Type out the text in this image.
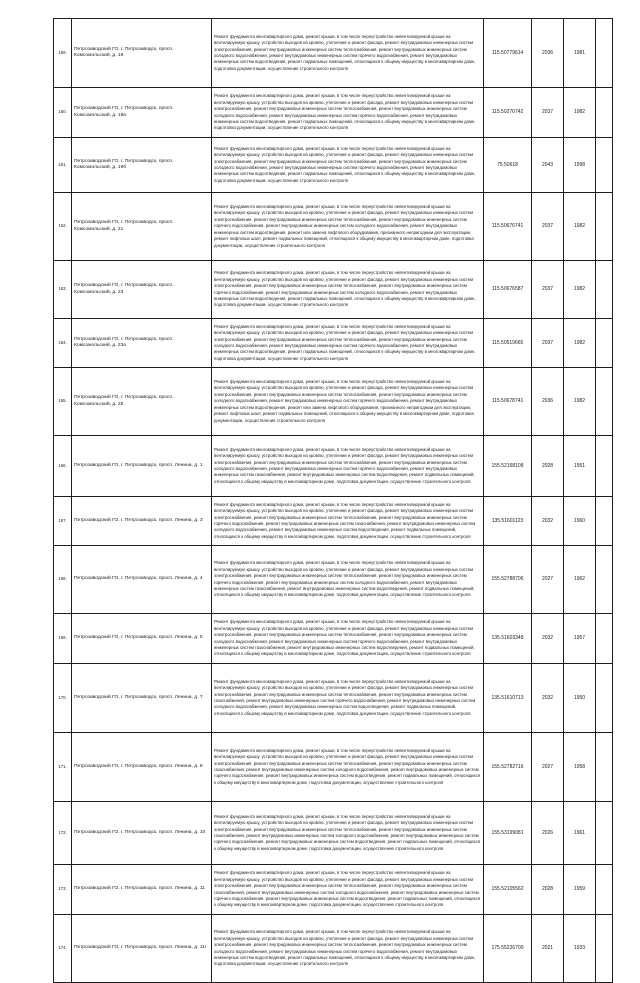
159.	Петрозаводский ГО, г. Петрозаводск, просп. Комсомольский, д. 19	Ремонт фундамента многоквартирного дома, ремонт крыши, в том числе переустройство невентилируемой крыши на вентилируемую крышу, устройство выходов на кровлю, утепление и ремонт фасада, ремонт внутридомовых инженерных систем электроснабжения, ремонт внутридомовых инженерных систем теплоснабжения, ремонт внутридомовых инженерных систем холодного водоснабжения, ремонт внутридомовых инженерных систем горячего водоснабжения, ремонт внутридомовых инженерных систем водоотведения, ремонт подвальных помещений, относящихся к общему имуществу в многоквартирном доме, подготовка документации, осуществление строительного контроля	115.50779614	2036	1981	
160.	Петрозаводский ГО, г. Петрозаводск, просп. Комсомольский, д. 19а	Ремонт фундамента многоквартирного дома, ремонт крыши, в том числе переустройство невентилируемой крыши на вентилируемую крышу, устройство выходов на кровлю, утепление и ремонт фасада, ремонт внутридомовых инженерных систем электроснабжения, ремонт внутридомовых инженерных систем теплоснабжения, ремонт внутридомовых инженерных систем холодного водоснабжения, ремонт внутридомовых инженерных систем горячего водоснабжения, ремонт внутридомовых инженерных систем водоотведения, ремонт подвальных помещений, относящихся к общему имуществу в многоквартирном доме, подготовка документации, осуществление строительного контроля	115.50270742	2037	1982	
161.	Петрозаводский ГО, г. Петрозаводск, просп. Комсомольский, д. 19б	Ремонт фундамента многоквартирного дома, ремонт крыши, в том числе переустройство невентилируемой крыши на вентилируемую крышу, устройство выходов на кровлю, утепление и ремонт фасада, ремонт внутридомовых инженерных систем электроснабжения, ремонт внутридомовых инженерных систем теплоснабжения, ремонт внутридомовых инженерных систем холодного водоснабжения, ремонт внутридомовых инженерных систем горячего водоснабжения, ремонт внутридомовых инженерных систем водоотведения, ремонт подвальных помещений, относящихся к общему имуществу в многоквартирном доме, подготовка документации, осуществление строительного контроля	75.50618	2043	1998	
162.	Петрозаводский ГО, г. Петрозаводск, просп. Комсомольский, д. 21	Ремонт фундамента многоквартирного дома, ремонт крыши, в том числе переустройство невентилируемой крыши на вентилируемую крышу, устройство выходов на кровлю, утепление и ремонт фасада, ремонт внутридомовых инженерных систем электроснабжения, ремонт внутридомовых инженерных систем теплоснабжения, ремонт внутридомовых инженерных систем горячего водоснабжения, ремонт внутридомовых инженерных систем холодного водоснабжения, ремонт внутридомовых инженерных систем водоотведения, ремонт или замена лифтового оборудования, признанного непригодным для эксплуатации, ремонт лифтовых шахт, ремонт подвальных помещений, относящихся к общему имуществу в многоквартирном доме, подготовка документации, осуществление строительного контроля	115.50676741	2037	1982	
163.	Петрозаводский ГО, г. Петрозаводск, просп. Комсомольский, д. 23	Ремонт фундамента многоквартирного дома, ремонт крыши, в том числе переустройство невентилируемой крыши на вентилируемую крышу, устройство выходов на кровлю, утепление и ремонт фасада, ремонт внутридомовых инженерных систем электроснабжения, ремонт внутридомовых инженерных систем теплоснабжения, ремонт внутридомовых инженерных систем горячего водоснабжения, ремонт внутридомовых инженерных систем холодного водоснабжения, ремонт внутридомовых инженерных систем водоотведения, ремонт подвальных помещений, относящихся к общему имуществу в многоквартирном доме, подготовка документации, осуществление строительного контроля	115.50676587	2037	1982	
164.	Петрозаводский ГО, г. Петрозаводск, просп. Комсомольский, д. 23а	Ремонт фундамента многоквартирного дома, ремонт крыши, в том числе переустройство невентилируемой крыши на вентилируемую крышу, устройство выходов на кровлю, утепление и ремонт фасада, ремонт внутридомовых инженерных систем электроснабжения, ремонт внутридомовых инженерных систем теплоснабжения, ремонт внутридомовых инженерных систем холодного водоснабжения, ремонт внутридомовых инженерных систем горячего водоснабжения, ремонт внутридомовых инженерных систем водоотведения, ремонт подвальных помещений, относящихся к общему имуществу в многоквартирном доме, подготовка документации, осуществление строительного контроля	115.50519665	2037	1982	
165.	Петрозаводский ГО, г. Петрозаводск, просп. Комсомольский, д. 25	Ремонт фундамента многоквартирного дома, ремонт крыши, в том числе переустройство невентилируемой крыши на вентилируемую крышу, устройство выходов на кровлю, утепление и ремонт фасада, ремонт внутридомовых инженерных систем электроснабжения, ремонт внутридомовых инженерных систем теплоснабжения, ремонт внутридомовых инженерных систем холодного водоснабжения, ремонт внутридомовых инженерных систем горячего водоснабжения, ремонт внутридомовых инженерных систем водоотведения, ремонт или замена лифтового оборудования, признанного непригодным для эксплуатации, ремонт лифтовых шахт, ремонт подвальных помещений, относящихся к общему имуществу в многоквартирном доме, подготовка документации, осуществление строительного контроля	115.50678741	2036	1982	
166.	Петрозаводский ГО, г. Петрозаводск, просп. Ленина, д. 1	Ремонт фундамента многоквартирного дома, ремонт крыши, в том числе переустройство невентилируемой крыши на вентилируемую крышу, устройство выходов на кровлю, утепление и ремонт фасада, ремонт внутридомовых инженерных систем электроснабжения, ремонт внутридомовых инженерных систем теплоснабжения, ремонт внутридомовых инженерных систем холодного водоснабжения, ремонт внутридомовых инженерных систем горячего водоснабжения, ремонт внутридомовых инженерных систем газоснабжения, ремонт внутридомовых инженерных систем водоотведения, ремонт подвальных помещений, относящихся к общему имуществу в многоквартирном доме, подготовка документации, осуществление строительного контроля	155.52168108	2028	1951	
167.	Петрозаводский ГО, г. Петрозаводск, просп. Ленина, д. 3	Ремонт фундамента многоквартирного дома, ремонт крыши, в том числе переустройство невентилируемой крыши на вентилируемую крышу, устройство выходов на кровлю, утепление и ремонт фасада, ремонт внутридомовых инженерных систем электроснабжения, ремонт внутридомовых инженерных систем теплоснабжения, ремонт внутридомовых инженерных систем горячего водоснабжения, ремонт внутридомовых инженерных систем газоснабжения, ремонт внутридомовых инженерных систем холодного водоснабжения, ремонт внутридомовых инженерных систем водоотведения, ремонт подвальных помещений, относящихся к общему имуществу в многоквартирном доме, подготовка документации, осуществление строительного контроля	135.51601123	2032	1960	
168.	Петрозаводский ГО, г. Петрозаводск, просп. Ленина, д. 4	Ремонт фундамента многоквартирного дома, ремонт крыши, в том числе переустройство невентилируемой крыши на вентилируемую крышу, устройство выходов на кровлю, утепление и ремонт фасада, ремонт внутридомовых инженерных систем электроснабжения, ремонт внутридомовых инженерных систем теплоснабжения, ремонт внутридомовых инженерных систем горячего водоснабжения, ремонт внутридомовых инженерных систем холодного водоснабжения, ремонт внутридомовых инженерных систем газоснабжения, ремонт внутридомовых инженерных систем водоотведения, ремонт подвальных помещений, относящихся к общему имуществу в многоквартирном доме, подготовка документации, осуществление строительного контроля	155.52788706	2027	1962	
169.	Петрозаводский ГО, г. Петрозаводск, просп. Ленина, д. 5	Ремонт фундамента многоквартирного дома, ремонт крыши, в том числе переустройство невентилируемой крыши на вентилируемую крышу, устройство выходов на кровлю, утепление и ремонт фасада, ремонт внутридомовых инженерных систем электроснабжения, ремонт внутридомовых инженерных систем теплоснабжения, ремонт внутридомовых инженерных систем холодного водоснабжения, ремонт внутридомовых инженерных систем горячего водоснабжения, ремонт внутридомовых инженерных систем газоснабжения, ремонт внутридомовых инженерных систем водоотведения, ремонт подвальных помещений, относящихся к общему имуществу в многоквартирном доме, подготовка документации, осуществление строительного контроля	135.51603348	2032	1957	
170.	Петрозаводский ГО, г. Петрозаводск, просп. Ленина, д. 7	Ремонт фундамента многоквартирного дома, ремонт крыши, в том числе переустройство невентилируемой крыши на вентилируемую крышу, устройство выходов на кровлю, утепление и ремонт фасада, ремонт внутридомовых инженерных систем электроснабжения, ремонт внутридомовых инженерных систем теплоснабжения, ремонт внутридомовых инженерных систем газоснабжения, ремонт внутридомовых инженерных систем горячего водоснабжения, ремонт внутридомовых инженерных систем холодного водоснабжения, ремонт внутридомовых инженерных систем водоотведения, ремонт подвальных помещений, относящихся к общему имуществу в многоквартирном доме, подготовка документации, осуществление строительного контроля	135.51610713	2032	1950	
171.	Петрозаводский ГО, г. Петрозаводск, просп. Ленина, д. 8	Ремонт фундамента многоквартирного дома, ремонт крыши, в том числе переустройство невентилируемой крыши на вентилируемую крышу, устройство выходов на кровлю, утепление и ремонт фасада, ремонт внутридомовых инженерных систем электроснабжения, ремонт внутридомовых инженерных систем теплоснабжения, ремонт внутридомовых инженерных систем газоснабжения, ремонт внутридомовых инженерных систем холодного водоснабжения, ремонт внутридомовых инженерных систем горячего водоснабжения, ремонт внутридомовых инженерных систем водоотведения, ремонт подвальных помещений, относящихся к общему имуществу в многоквартирном доме, подготовка документации, осуществление строительного контроля	155.52782716	2027	1958	
172.	Петрозаводский ГО, г. Петрозаводск, просп. Ленина, д. 10	Ремонт фундамента многоквартирного дома, ремонт крыши, в том числе переустройство невентилируемой крыши на вентилируемую крышу, устройство выходов на кровлю, утепление и ремонт фасада, ремонт внутридомовых инженерных систем электроснабжения, ремонт внутридомовых инженерных систем теплоснабжения, ремонт внутридомовых инженерных систем газоснабжения, ремонт внутридомовых инженерных систем холодного водоснабжения, ремонт внутридомовых инженерных систем горячего водоснабжения, ремонт внутридомовых инженерных систем водоотведения, ремонт подвальных помещений, относящихся к общему имуществу в многоквартирном доме, подготовка документации, осуществление строительного контроля	155.53199081	2026	1961	
173.	Петрозаводский ГО, г. Петрозаводск, просп. Ленина, д. 11	Ремонт фундамента многоквартирного дома, ремонт крыши, в том числе переустройство невентилируемой крыши на вентилируемую крышу, устройство выходов на кровлю, утепление и ремонт фасада, ремонт внутридомовых инженерных систем электроснабжения, ремонт внутридомовых инженерных систем теплоснабжения, ремонт внутридомовых инженерных систем газоснабжения, ремонт внутридомовых инженерных систем холодного водоснабжения, ремонт внутридомовых инженерных систем горячего водоснабжения, ремонт внутридомовых инженерных систем водоотведения, ремонт подвальных помещений, относящихся к общему имуществу в многоквартирном доме, подготовка документации, осуществление строительного контроля	155.52105562	2028	1959	
174.	Петрозаводский ГО, г. Петрозаводск, просп. Ленина, д. 11г	Ремонт фундамента многоквартирного дома, ремонт крыши, в том числе переустройство невентилируемой крыши на вентилируемую крышу, устройство выходов на кровлю, утепление и ремонт фасада, ремонт внутридомовых инженерных систем электроснабжения, ремонт внутридомовых инженерных систем теплоснабжения, ремонт внутридомовых инженерных систем холодного водоснабжения, ремонт внутридомовых инженерных систем горячего водоснабжения, ремонт внутридомовых инженерных систем водоотведения, ремонт подвальных помещений, относящихся к общему имуществу в многоквартирном доме, подготовка документации, осуществление строительного контроля	175.55226700	2021	1933	
